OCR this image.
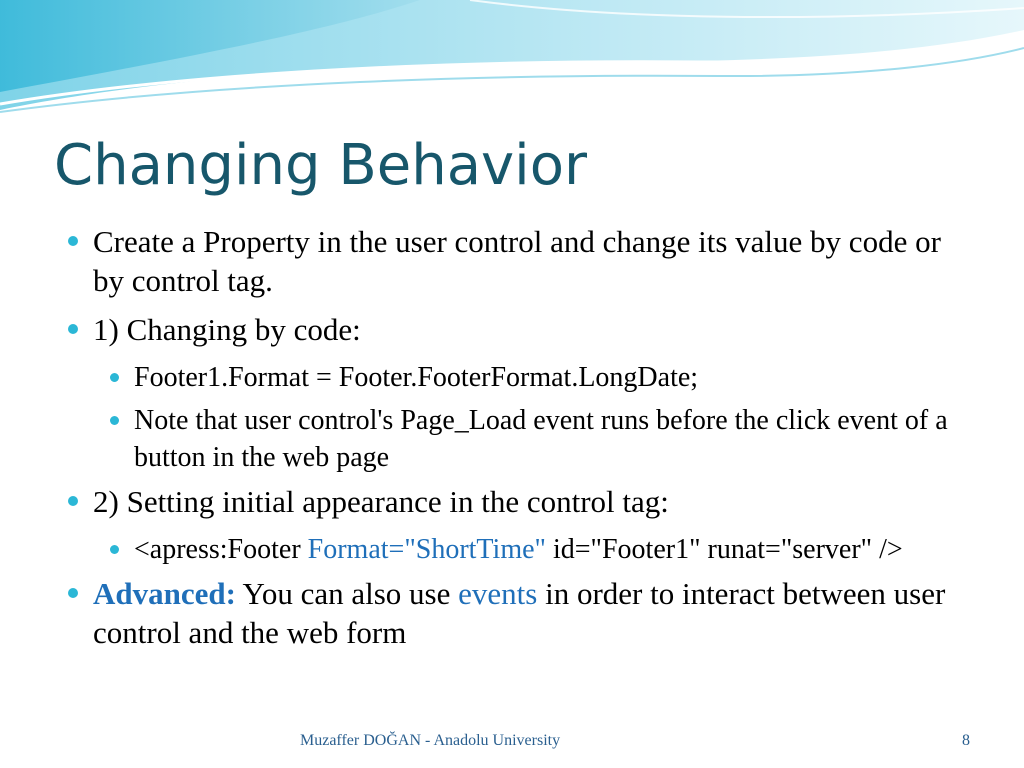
Changing Behavior
Create a Property in the user control and change its value by code or by control tag.
1) Changing by code:
Footer1.Format = Footer.FooterFormat.LongDate;
Note that user control's Page_Load event runs before the click event of a button in the web page
2) Setting initial appearance in the control tag:
<apress:Footer Format="ShortTime" id="Footer1" runat="server" />
Advanced: You can also use events in order to interact between user control and the web form
Muzaffer DOĞAN - Anadolu University	8
